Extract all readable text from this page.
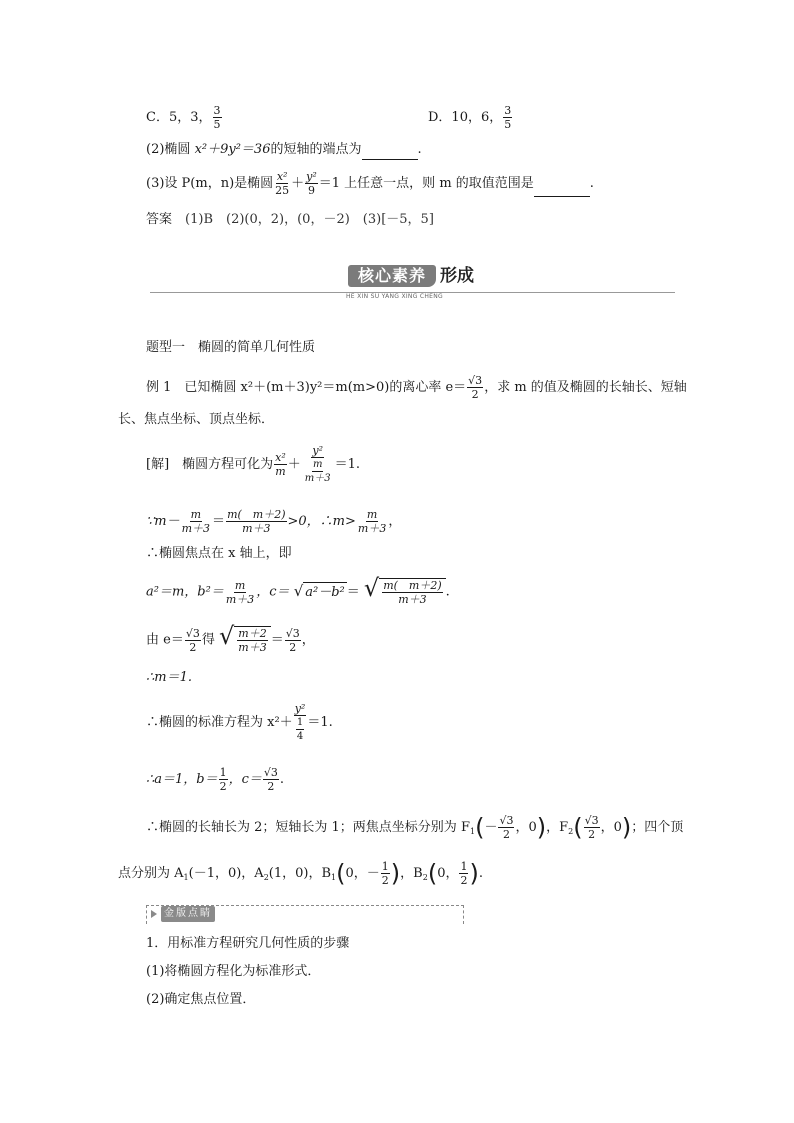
C．5，3， $\frac{3}{5}$	D．10，6， $\frac{3}{5}$
(2)椭圆 x²＋9y²＝36的短轴的端点为	.
(3)设 P(m，n)是椭圆 $\frac{\text{x²}}{25} + \frac{\text{y²}}{9} =1$ 上任意一点，则 m 的取值范围是	.
答案　 (1)B　(2)(0，2)，(0，－2)　(3)[－5，5]
核心素养 形成
HE XIN SU YANG XING CHENG
题型一　椭圆的简单几何性质
例 1　已知椭圆 x²＋(m＋3)y²＝m(m>0)的离心率 $e= \frac{√3}{2}$ ，求 m 的值及椭圆的长轴长、短轴
长、焦点坐标、顶点坐标．
[解]　椭圆方程可化为 $\frac{\text{x²}}{m} + \frac{\text{y²}}{\frac{m}{m+3}} =1$.
∵m－ $\frac{m}{m+3} = \frac{m( m+2)}{m+3} >0$，∴m> $\frac{m}{m+3}$ ，
∴椭圆焦点在 x 轴上，即
a²＝m，$b^2= \frac{m}{m+3}$ ，c＝ √ a²－b² ＝ √ $\frac{m( m+2)}{m+3}$ .
由 $e= \frac{√3}{2}$ 得 √ $\frac{m+2}{m+3} = \frac{√3}{2}$ ，
∴m＝1.
∴椭圆的标准方程为 $x^2+ \frac{\text{y²}}{\frac{1}{4}} =1$.
∴a＝1，$b= \frac{1}{2}$ ，$c= \frac{√3}{2}$ .
∴椭圆的长轴长为 2；短轴长为 1；两焦点坐标分别为 $F_1(- \frac{√3}{2}$ ，0)，$F_2( \frac{√3}{2}$ ，0)；四个顶
点分别为 $A_1(-1$，0)，$A_2(1$，0)，$B_1(0$，－ $\frac{1}{2}$ )，$B_2(0$， $\frac{1}{2}$ ).
金版点睛
1．用标准方程研究几何性质的步骤
(1)将椭圆方程化为标准形式．
(2)确定焦点位置．
